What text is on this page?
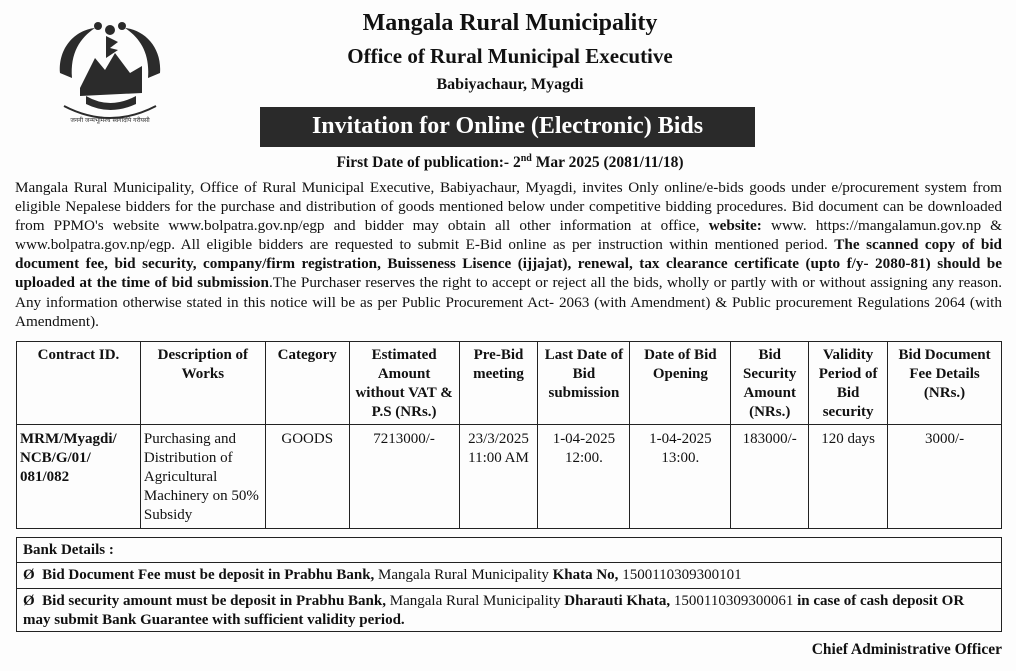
जननी जन्मभूमिश्च स्वर्गादपि गरीयसी
Mangala Rural Municipality
Office of Rural Municipal Executive
Babiyachaur, Myagdi
Invitation for Online (Electronic) Bids
First Date of publication:- 2nd Mar 2025 (2081/11/18)
Mangala Rural Municipality, Office of Rural Municipal Executive, Babiyachaur, Myagdi, invites Only online/e-bids goods under e/procurement system from eligible Nepalese bidders for the purchase and distribution of goods mentioned below under competitive bidding procedures. Bid document can be downloaded from PPMO's website www.bolpatra.gov.np/egp and bidder may obtain all other information at office, website: www. https://mangalamun.gov.np & www.bolpatra.gov.np/egp. All eligible bidders are requested to submit E-Bid online as per instruction within mentioned period. The scanned copy of bid document fee, bid security, company/firm registration, Buisseness Lisence (ijjajat), renewal, tax clearance certificate (upto f/y- 2080-81) should be uploaded at the time of bid submission.The Purchaser reserves the right to accept or reject all the bids, wholly or partly with or without assigning any reason. Any information otherwise stated in this notice will be as per Public Procurement Act- 2063 (with Amendment) & Public procurement Regulations 2064 (with Amendment).
Contract ID.	Description of Works	Category	Estimated Amount without VAT & P.S (NRs.)	Pre-Bid meeting	Last Date of Bid submission	Date of Bid Opening	Bid Security Amount (NRs.)	Validity Period of Bid security	Bid Document Fee Details (NRs.)
MRM/Myagdi/ NCB/G/01/ 081/082	Purchasing and Distribution of Agricultural Machinery on 50% Subsidy	GOODS	7213000/-	23/3/2025 11:00 AM	1-04-2025 12:00.	1-04-2025 13:00.	183000/-	120 days	3000/-
Bank Details :
Ø Bid Document Fee must be deposit in Prabhu Bank, Mangala Rural Municipality Khata No, 1500110309300101
Ø Bid security amount must be deposit in Prabhu Bank, Mangala Rural Municipality Dharauti Khata, 1500110309300061 in case of cash deposit OR may submit Bank Guarantee with sufficient validity period.
Chief Administrative Officer
